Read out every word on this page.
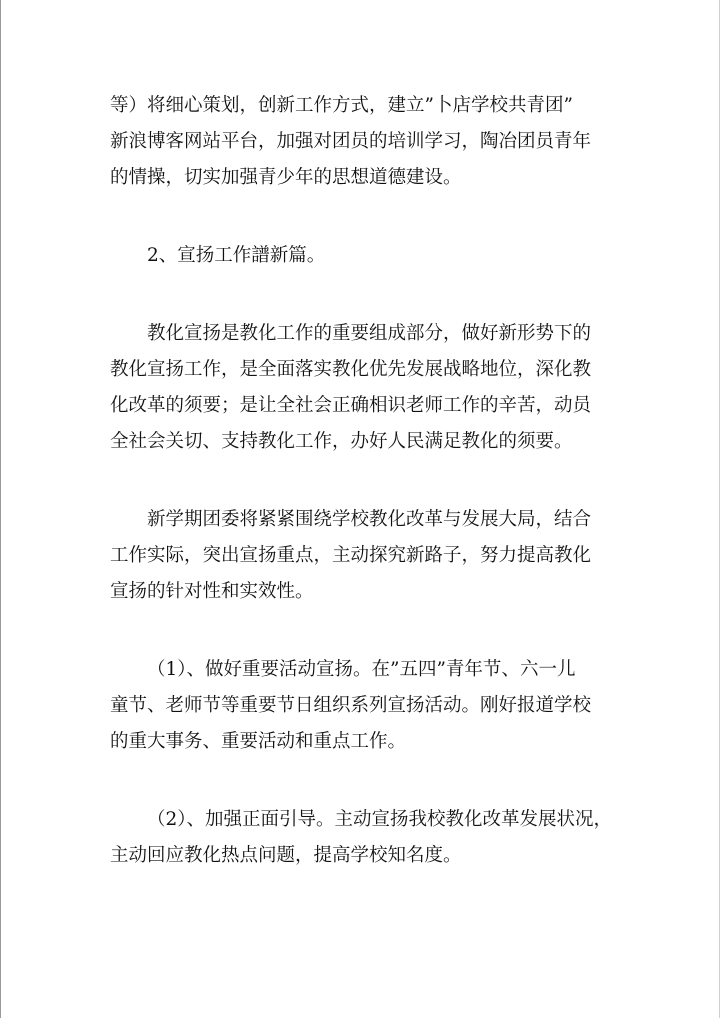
等）将细心策划，创新工作方式，建立”卜店学校共青团”
新浪博客网站平台，加强对团员的培训学习，陶冶团员青年
的情操，切实加强青少年的思想道德建设。

2、宣扬工作譜新篇。

教化宣扬是教化工作的重要组成部分，做好新形势下的
教化宣扬工作，是全面落实教化优先发展战略地位，深化教
化改革的须要；是让全社会正确相识老师工作的辛苦，动员
全社会关切、支持教化工作，办好人民满足教化的须要。

新学期团委将紧紧围绕学校教化改革与发展大局，结合
工作实际，突出宣扬重点，主动探究新路子，努力提高教化
宣扬的针对性和实效性。

（1）、做好重要活动宣扬。在”五四”青年节、六一儿
童节、老师节等重要节日组织系列宣扬活动。刚好报道学校
的重大事务、重要活动和重点工作。

（2）、加强正面引导。主动宣扬我校教化改革发展状况，
主动回应教化热点问题，提高学校知名度。
